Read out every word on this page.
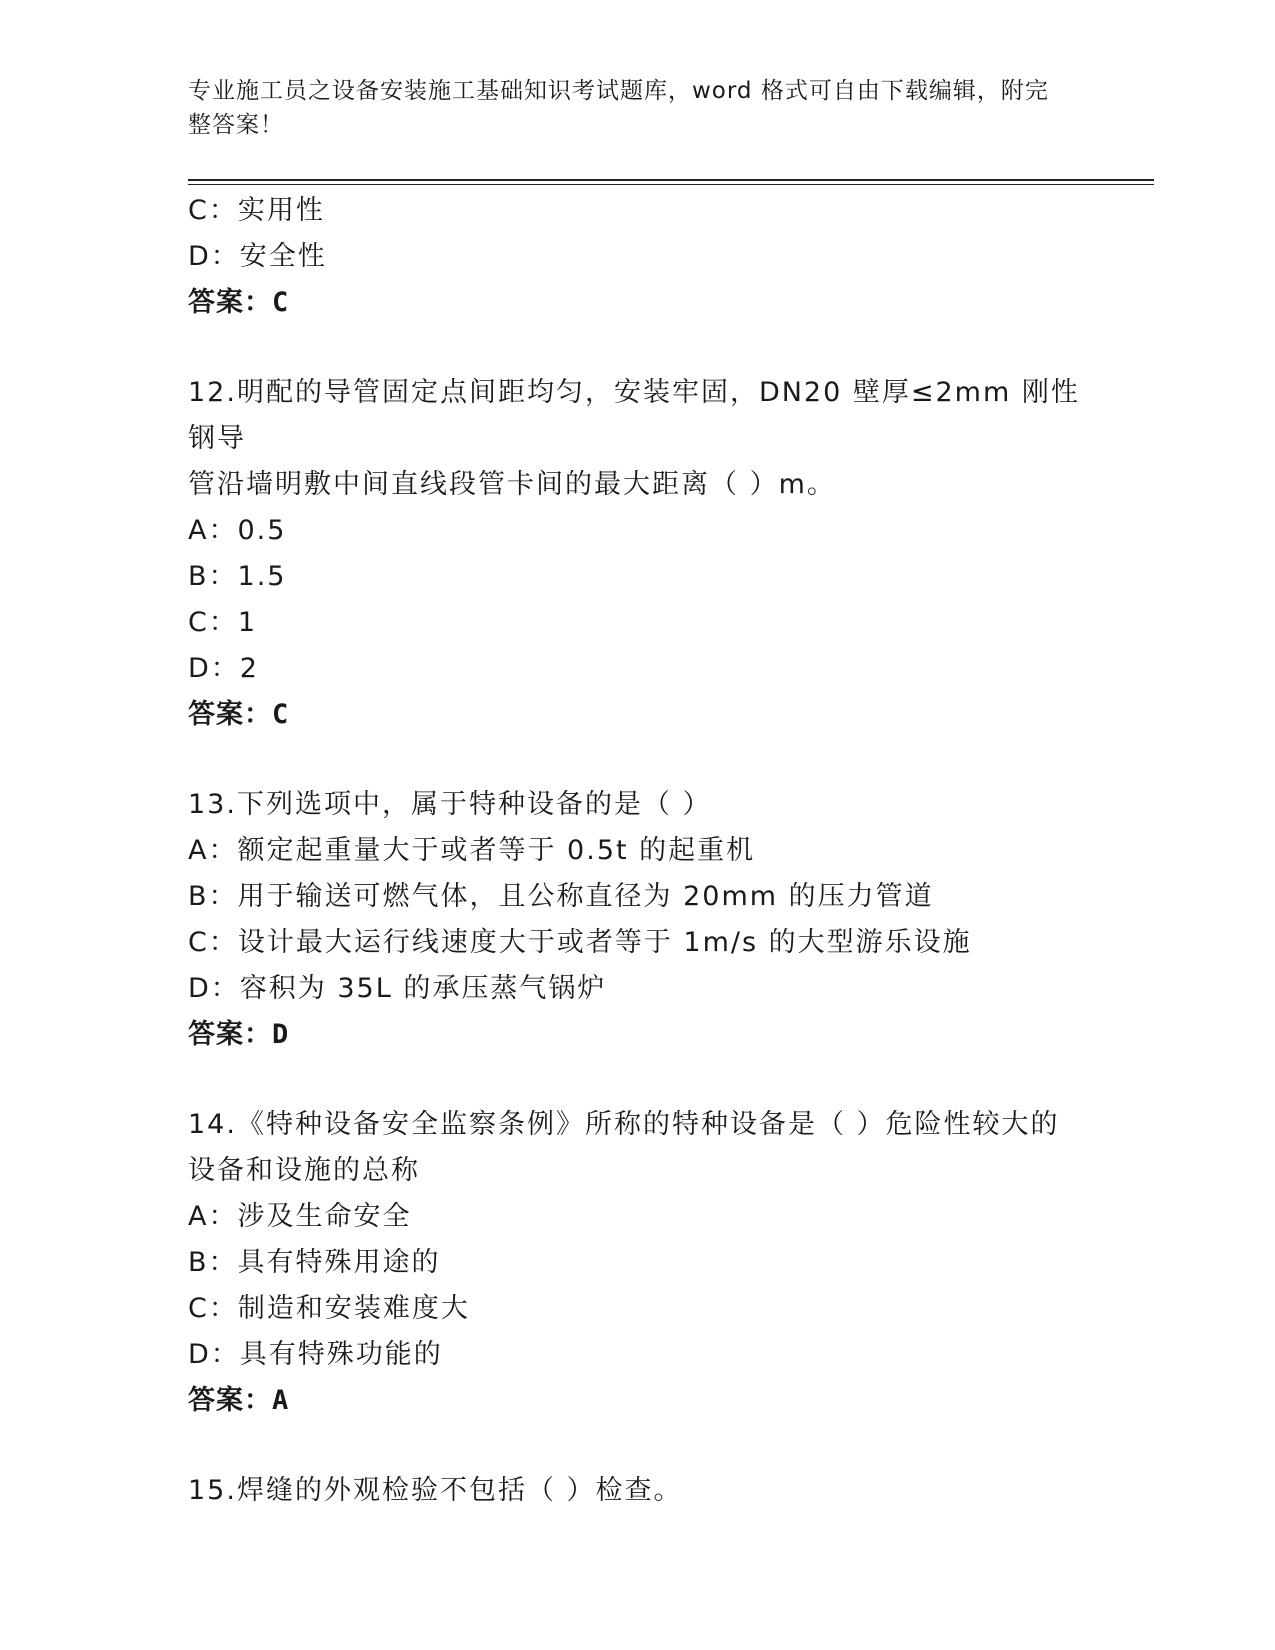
专业施工员之设备安装施工基础知识考试题库，word 格式可自由下载编辑，附完
整答案！
C：实用性
D：安全性
答案：C
12.明配的导管固定点间距均匀，安装牢固，DN20 壁厚≤2mm 刚性钢导
管沿墙明敷中间直线段管卡间的最大距离（ ）m。
A：0.5
B：1.5
C：1
D：2
答案：C
13.下列选项中，属于特种设备的是（ ）
A：额定起重量大于或者等于 0.5t 的起重机
B：用于输送可燃气体，且公称直径为 20mm 的压力管道
C：设计最大运行线速度大于或者等于 1m/s 的大型游乐设施
D：容积为 35L 的承压蒸气锅炉
答案：D
14.《特种设备安全监察条例》所称的特种设备是（ ）危险性较大的
设备和设施的总称
A：涉及生命安全
B：具有特殊用途的
C：制造和安装难度大
D：具有特殊功能的
答案：A
15.焊缝的外观检验不包括（ ）检查。
